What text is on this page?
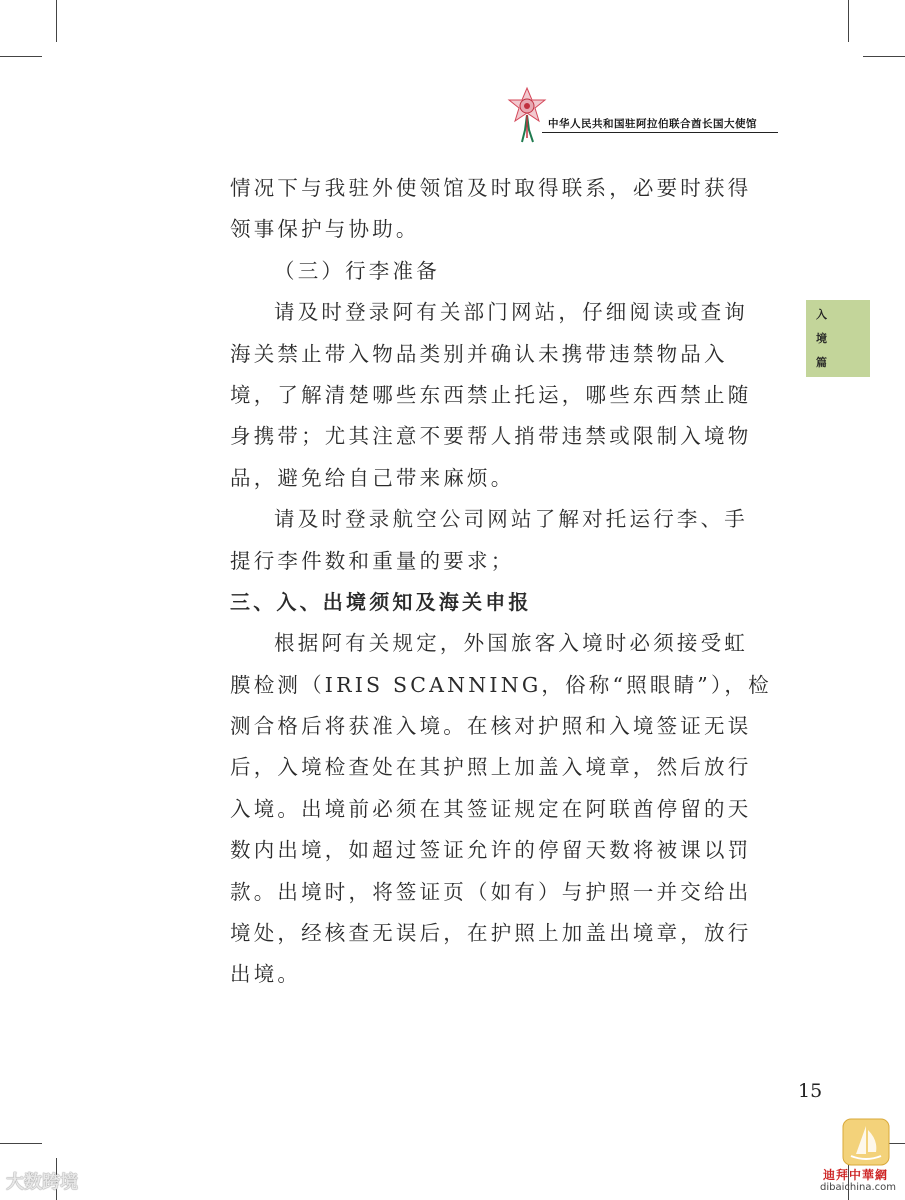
中华人民共和国驻阿拉伯联合酋长国大使馆
入
境
篇
情况下与我驻外使领馆及时取得联系，必要时获得
领事保护与协助。
（三）行李准备
请及时登录阿有关部门网站，仔细阅读或查询
海关禁止带入物品类别并确认未携带违禁物品入
境，了解清楚哪些东西禁止托运，哪些东西禁止随
身携带；尤其注意不要帮人捎带违禁或限制入境物
品，避免给自己带来麻烦。
请及时登录航空公司网站了解对托运行李、手
提行李件数和重量的要求；
三、入、出境须知及海关申报
根据阿有关规定，外国旅客入境时必须接受虹
膜检测（IRIS SCANNING，俗称“照眼睛”），检
测合格后将获准入境。在核对护照和入境签证无误
后，入境检查处在其护照上加盖入境章，然后放行
入境。出境前必须在其签证规定在阿联酋停留的天
数内出境，如超过签证允许的停留天数将被课以罚
款。出境时，将签证页（如有）与护照一并交给出
境处，经核查无误后，在护照上加盖出境章，放行
出境。
15
大数跨境	迪拜中華網
dibaichina.com
